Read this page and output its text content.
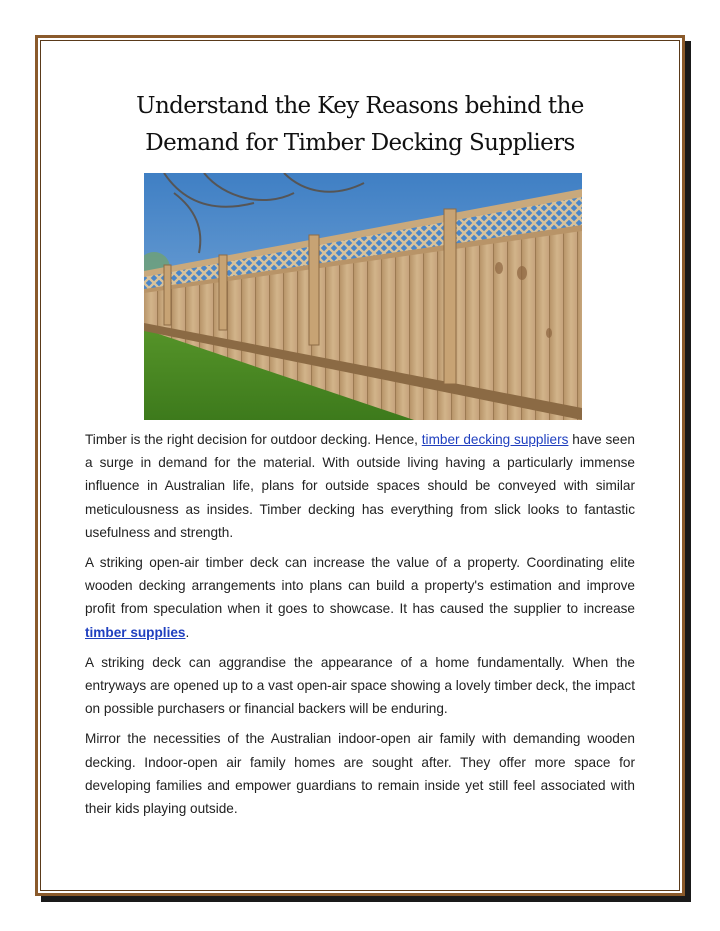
Understand the Key Reasons behind the
Demand for Timber Decking Suppliers

Timber is the right decision for outdoor decking. Hence, timber decking suppliers have seen a surge in demand for the material. With outside living having a particularly immense influence in Australian life, plans for outside spaces should be conveyed with similar meticulousness as insides. Timber decking has everything from slick looks to fantastic usefulness and strength.

A striking open-air timber deck can increase the value of a property. Coordinating elite wooden decking arrangements into plans can build a property's estimation and improve profit from speculation when it goes to showcase. It has caused the supplier to increase timber supplies.

A striking deck can aggrandise the appearance of a home fundamentally. When the entryways are opened up to a vast open-air space showing a lovely timber deck, the impact on possible purchasers or financial backers will be enduring.

Mirror the necessities of the Australian indoor-open air family with demanding wooden decking. Indoor-open air family homes are sought after. They offer more space for developing families and empower guardians to remain inside yet still feel associated with their kids playing outside.
